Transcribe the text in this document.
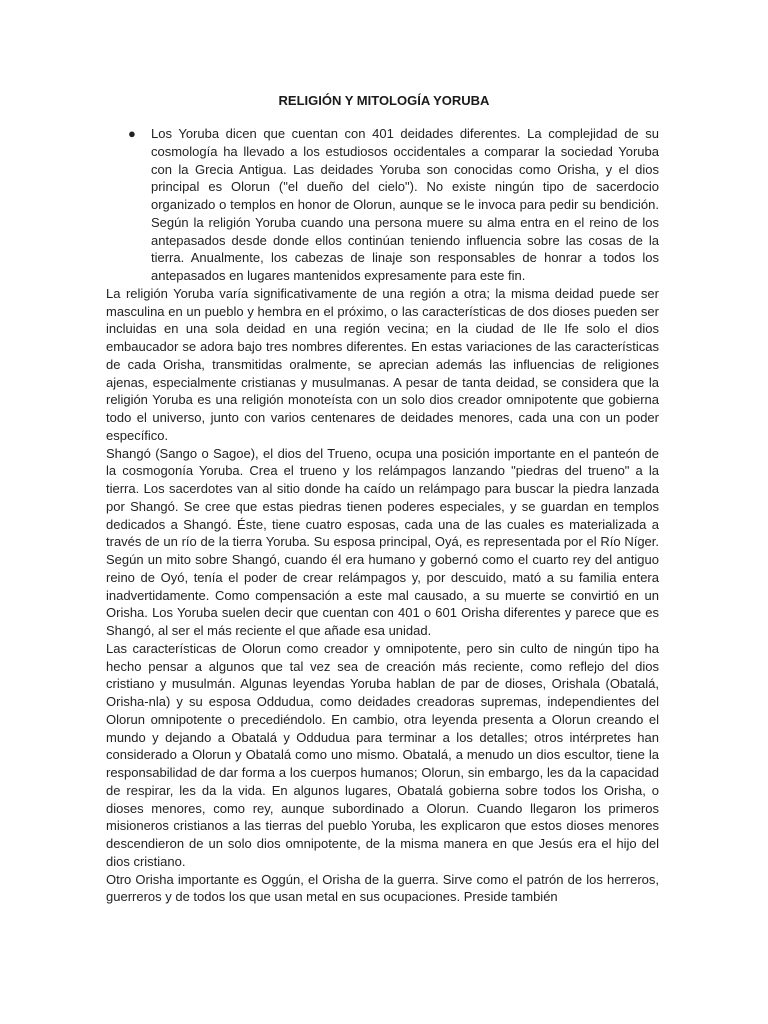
RELIGIÓN Y MITOLOGÍA YORUBA
● Los Yoruba dicen que cuentan con 401 deidades diferentes. La complejidad de su cosmología ha llevado a los estudiosos occidentales a comparar la sociedad Yoruba con la Grecia Antigua. Las deidades Yoruba son conocidas como Orisha, y el dios principal es Olorun ("el dueño del cielo"). No existe ningún tipo de sacerdocio organizado o templos en honor de Olorun, aunque se le invoca para pedir su bendición. Según la religión Yoruba cuando una persona muere su alma entra en el reino de los antepasados desde donde ellos continúan teniendo influencia sobre las cosas de la tierra. Anualmente, los cabezas de linaje son responsables de honrar a todos los antepasados en lugares mantenidos expresamente para este fin.

La religión Yoruba varía significativamente de una región a otra; la misma deidad puede ser masculina en un pueblo y hembra en el próximo, o las características de dos dioses pueden ser incluidas en una sola deidad en una región vecina; en la ciudad de Ile Ife solo el dios embaucador se adora bajo tres nombres diferentes. En estas variaciones de las características de cada Orisha, transmitidas oralmente, se aprecian además las influencias de religiones ajenas, especialmente cristianas y musulmanas. A pesar de tanta deidad, se considera que la religión Yoruba es una religión monoteísta con un solo dios creador omnipotente que gobierna todo el universo, junto con varios centenares de deidades menores, cada una con un poder específico.

Shangó (Sango o Sagoe), el dios del Trueno, ocupa una posición importante en el panteón de la cosmogonía Yoruba. Crea el trueno y los relámpagos lanzando "piedras del trueno" a la tierra. Los sacerdotes van al sitio donde ha caído un relámpago para buscar la piedra lanzada por Shangó. Se cree que estas piedras tienen poderes especiales, y se guardan en templos dedicados a Shangó. Éste, tiene cuatro esposas, cada una de las cuales es materializada a través de un río de la tierra Yoruba. Su esposa principal, Oyá, es representada por el Río Níger. Según un mito sobre Shangó, cuando él era humano y gobernó como el cuarto rey del antiguo reino de Oyó, tenía el poder de crear relámpagos y, por descuido, mató a su familia entera inadvertidamente. Como compensación a este mal causado, a su muerte se convirtió en un Orisha. Los Yoruba suelen decir que cuentan con 401 o 601 Orisha diferentes y parece que es Shangó, al ser el más reciente el que añade esa unidad.

Las características de Olorun como creador y omnipotente, pero sin culto de ningún tipo ha hecho pensar a algunos que tal vez sea de creación más reciente, como reflejo del dios cristiano y musulmán. Algunas leyendas Yoruba hablan de par de dioses, Orishala (Obatalá, Orisha-nla) y su esposa Oddudua, como deidades creadoras supremas, independientes del Olorun omnipotente o precediéndolo. En cambio, otra leyenda presenta a Olorun creando el mundo y dejando a Obatalá y Oddudua para terminar a los detalles; otros intérpretes han considerado a Olorun y Obatalá como uno mismo. Obatalá, a menudo un dios escultor, tiene la responsabilidad de dar forma a los cuerpos humanos; Olorun, sin embargo, les da la capacidad de respirar, les da la vida. En algunos lugares, Obatalá gobierna sobre todos los Orisha, o dioses menores, como rey, aunque subordinado a Olorun. Cuando llegaron los primeros misioneros cristianos a las tierras del pueblo Yoruba, les explicaron que estos dioses menores descendieron de un solo dios omnipotente, de la misma manera en que Jesús era el hijo del dios cristiano.

Otro Orisha importante es Oggún, el Orisha de la guerra. Sirve como el patrón de los herreros, guerreros y de todos los que usan metal en sus ocupaciones. Preside también
